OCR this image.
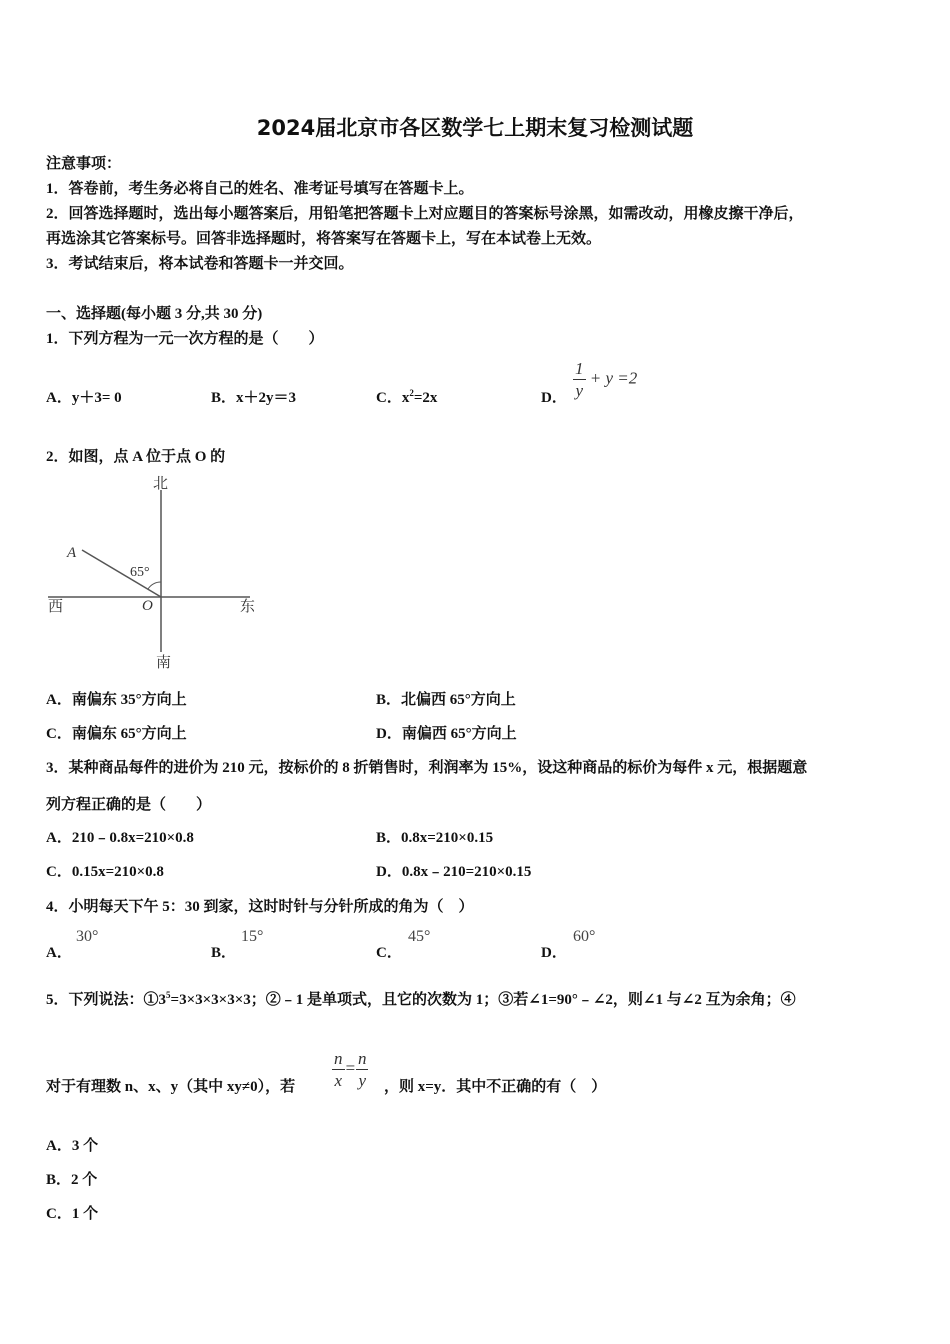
2024届北京市各区数学七上期末复习检测试题
注意事项：
1．答卷前，考生务必将自己的姓名、准考证号填写在答题卡上。
2．回答选择题时，选出每小题答案后，用铅笔把答题卡上对应题目的答案标号涂黑，如需改动，用橡皮擦干净后，
再选涂其它答案标号。回答非选择题时，将答案写在答题卡上，写在本试卷上无效。
3．考试结束后，将本试卷和答题卡一并交回。
一、选择题(每小题 3 分,共 30 分)
1．下列方程为一元一次方程的是（　　）
A．y＋3= 0	B．x＋2y＝3	C．$x^2=2x$	D． $\frac{1}{y} + y =2$
2．如图，点 A 位于点 O 的
北
南
西	东
A
O
65°
A．南偏东 35°方向上	B．北偏西 65°方向上
C．南偏东 65°方向上	D．南偏西 65°方向上
3．某种商品每件的进价为 210 元，按标价的 8 折销售时，利润率为 15%，设这种商品的标价为每件 x 元，根据题意
列方程正确的是（　　）
A．210﹣0.8x=210×0.8	B．0.8x=210×0.15
C．0.15x=210×0.8	D．0.8x﹣210=210×0.15
4．小明每天下午 5：30 到家，这时时针与分针所成的角为（　）
A．
30°
B．
15°
C．
45°
D．
60°
5．下列说法：$①3^5=3\times 3\times 3\times 3\times 3$；②﹣1 是单项式，且它的次数为 1；③若∠1=90°﹣∠2，则∠1 与∠2 互为余角；④
对于有理数 n、x、y（其中 xy≠0），若 $\frac{n}{x} = \frac{n}{y}$ ，则 x=y．其中不正确的有（　）
A．3 个
B．2 个
C．1 个
